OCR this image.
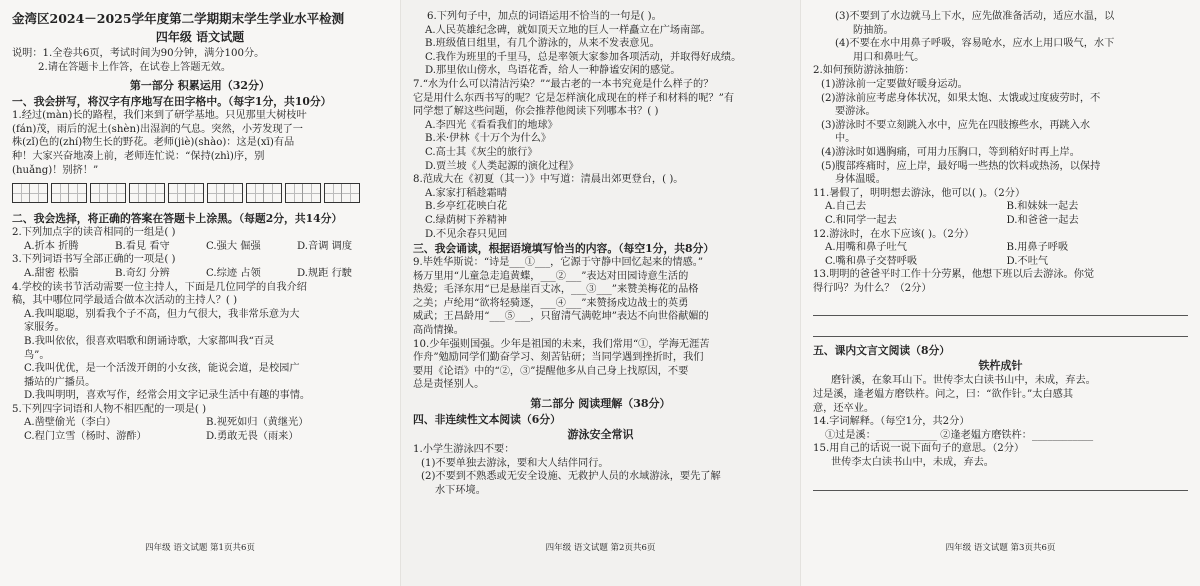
金湾区2024－2025学年度第二学期期末学生学业水平检测

四年级 语文试题

说明：1.全卷共6页，考试时间为90分钟，满分100分。

2.请在答题卡上作答，在试卷上答题无效。

第一部分 积累运用（32分）

一、我会拼写，将汉字有序地写在田字格中。（每字1分，共10分）

1.经过(màn)长的路程，我们来到了研学基地。只见那里大树枝叶

(fán)茂，雨后的泥土(shèn)出湿润的气息。突然，小芳发现了一

株(zǐ)色的(zhí)物生长的野花。老师(jiè)(shào)：这是(xī)有品

种！大家兴奋地凑上前，老师连忙说：“保持(zhì)序，别

(huǎng)！别挤！”

二、我会选择，将正确的答案在答题卡上涂黑。（每题2分，共14分）

2.下列加点字的读音相同的一组是( )

A.折本 折腾	B.看見 看守	C.强大 倔强	D.音调 调度

3.下列词语书写全部正确的一项是( )

A.甜密 松脂	B.奇幻 分辨	C.综迹 占领	D.规距 行駛

4.学校的读书节活动需要一位主持人，下面是几位同学的自我介绍

稿，其中哪位同学最适合做本次活动的主持人？( )

A.我叫聪聪，别看我个子不高，但力气很大，我非常乐意为大

家服务。

B.我叫依依，很喜欢唱歌和朗诵诗歌，大家都叫我“百灵

鸟”。

C.我叫优优，是一个活泼开朗的小女孩，能说会道，是校园广

播站的广播员。

D.我叫明明，喜欢写作，经常会用文字记录生活中有趣的事情。

5.下列四字词语和人物不相匹配的一项是( )

A.凿壁偷光（李白）	B.视死如归（黄继光）
C.程门立雪（杨时、游酢）	D.勇敢无畏（雨来）
四年级 语文试题 第1页共6页

6.下列句子中，加点的词语运用不恰当的一句是( )。

A.人民英雄纪念碑，就如顶天立地的巨人一样矗立在广场南部。

B.班级值日组里，有几个游泳的，从来不发表意见。

C.我作为班里的千里马，总是率领大家参加各项活动，并取得好成绩。

D.那里依山傍水，鸟语花香，给人一种静谧安闲的感觉。

7.“水为什么可以清洁污染？”“最古老的一本书究竟是什么样子的？

它是用什么东西书写的呢？它是怎样演化成现在的样子和材料的呢？”有

同学想了解这些问题，你会推荐他阅读下列哪本书？( )

A.李四光《看看我们的地球》

B.米·伊林《十万个为什么》

C.高士其《灰尘的旅行》

D.贾兰坡《人类起源的演化过程》

8.范成大在《初夏（其一）》中写道：清晨出郊更登台，( )。

A.家家打稻趁霜晴

B.乡亭红花映白花

C.绿荫树下养精神

D.不见余春只见回

三、我会诵读，根据语境填写恰当的内容。（每空1分，共8分）

9.毕姓华斯说：“诗是___①___，它源于守静中回忆起来的情感。”

杨万里用“儿童急走追黄蝶，___②___”表达对田园诗意生活的

热爱；毛泽东用“已是悬崖百丈冰，___③___”来赞美梅花的品格

之美；卢纶用“欲将轻骑逐，___④___”来赞扬戍边战士的英勇

威武；王昌龄用“___⑤___，只留清气满乾坤”表达不向世俗献媚的

高尚情操。

10.少年强则国强。少年是祖国的未来，我们常用“①，学海无涯苦

作舟”勉励同学们勤奋学习、刻苦钻研；当同学遇到挫折时，我们

要用《论语》中的“②，③”提醒他多从自己身上找原因，不要

总是责怪别人。

第二部分 阅读理解（38分）

四、非连续性文本阅读（6分）

游泳安全常识

1.小学生游泳四不要：

(1)不要单独去游泳，要和大人结伴同行。

(2)不要到不熟悉或无安全设施、无救护人员的水域游泳，要先了解

水下环境。

四年级 语文试题 第2页共6页

(3)不要到了水边就马上下水，应先做准备活动，适应水温，以

防抽筋。

(4)不要在水中用鼻子呼吸，容易呛水，应水上用口吸气，水下

用口和鼻吐气。

2.如何预防游泳抽筋：

(1)游泳前一定要做好暖身运动。

(2)游泳前应考虑身体状况，如果太饱、太饿或过度疲劳时，不

要游泳。

(3)游泳时不要立刻跳入水中，应先在四肢擦些水，再跳入水

中。

(4)游泳时如遇胸痛，可用力压胸口，等到稍好时再上岸。

(5)腹部疼痛时，应上岸，最好喝一些热的饮料或热汤，以保持

身体温暖。

11.暑假了，明明想去游泳，他可以( )。（2分）

A.自己去	B.和妹妹一起去
C.和同学一起去	D.和爸爸一起去

12.游泳时，在水下应该( )。（2分）

A.用嘴和鼻子吐气	B.用鼻子呼吸
C.嘴和鼻子交替呼吸	D.不吐气

13.明明的爸爸平时工作十分劳累，他想下班以后去游泳。你觉

得行吗？为什么？（2分）

五、课内文言文阅读（8分）

铁杵成针

磨针溪，在象耳山下。世传李太白读书山中，未成，弃去。

过是溪，逢老媪方磨铁杵。问之，曰：“欲作针。”太白感其

意，还卒业。

14.字词解释。（每空1分，共2分）

①过是溪：____________ ②逢老媪方磨铁杵：____________

15.用自己的话说一说下面句子的意思。（2分）

世传李太白读书山中，未成，弃去。

四年级 语文试题 第3页共6页
